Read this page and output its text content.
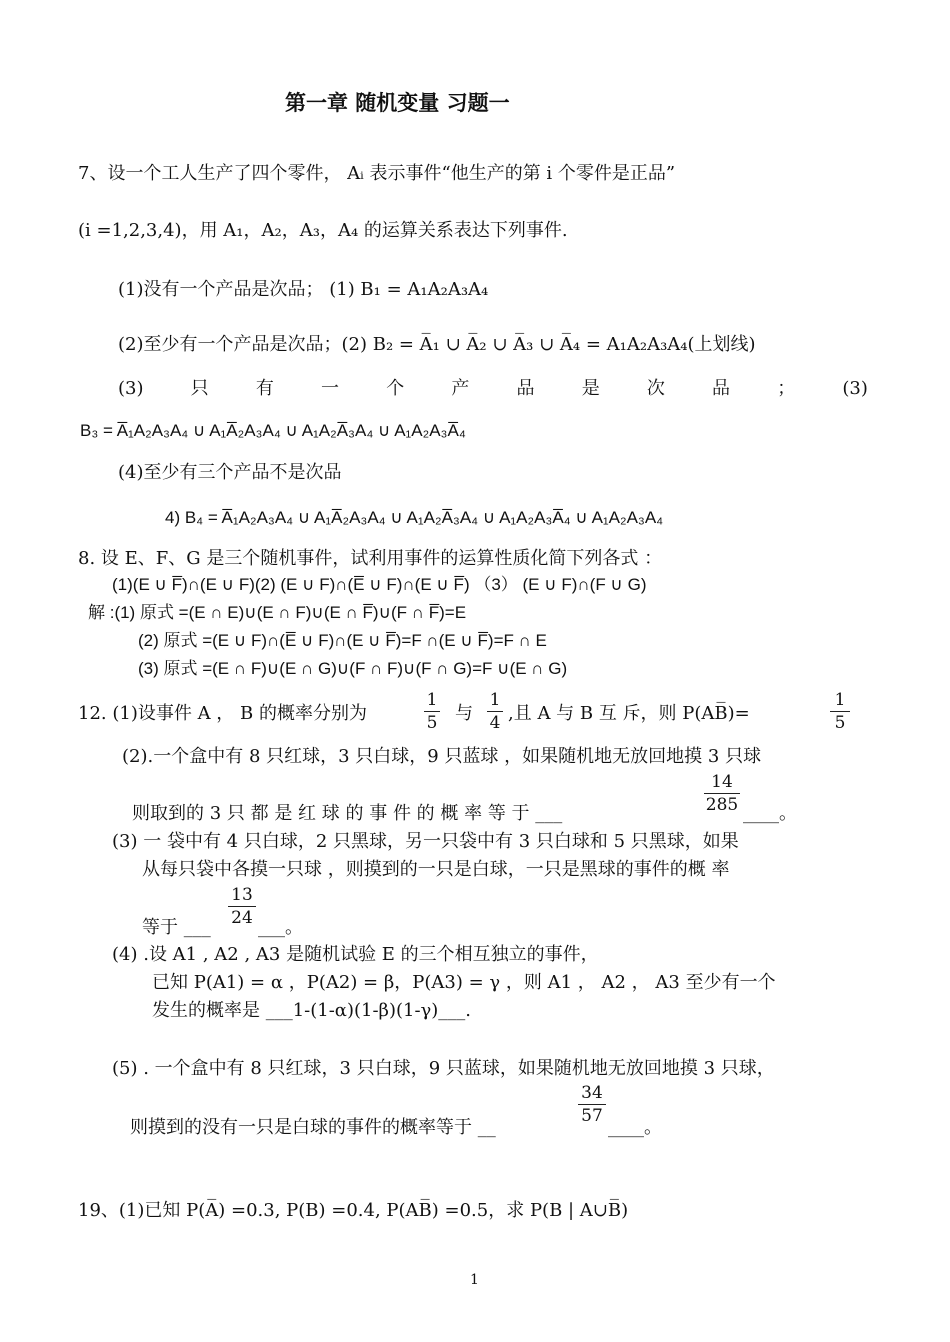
第一章 随机变量 习题一
7、设一个工人生产了四个零件， Aᵢ 表示事件“他生产的第 i 个零件是正品”
(i =1,2,3,4)，用 A₁，A₂，A₃，A₄ 的运算关系表达下列事件.
(1)没有一个产品是次品； (1) B₁ = A₁A₂A₃A₄
(2)至少有一个产品是次品；(2) B₂ = A̅₁ ∪ A̅₂ ∪ A̅₃ ∪ A̅₄ = A₁A₂A₃A₄(上划线)
(3)	只	有	一	个	产	品	是	次	品	；	(3)
B₃ = A̅₁A₂A₃A₄ ∪ A₁A̅₂A₃A₄ ∪ A₁A₂A̅₃A₄ ∪ A₁A₂A₃A̅₄
(4)至少有三个产品不是次品
4) B₄ = A̅₁A₂A₃A₄ ∪ A₁A̅₂A₃A₄ ∪ A₁A₂A̅₃A₄ ∪ A₁A₂A₃A̅₄ ∪ A₁A₂A₃A₄
8. 设 E、F、G 是三个随机事件，试利用事件的运算性质化简下列各式 ：
(1)(E ∪ F̅)∩(E ∪ F)(2) (E ∪ F)∩(E̅ ∪ F)∩(E ∪ F̅) （3） (E ∪ F)∩(F ∪ G)
解 :(1) 原式 =(E ∩ E)∪(E ∩ F)∪(E ∩ F̅)∪(F ∩ F̅)=E
(2) 原式 =(E ∪ F)∩(E̅ ∪ F)∩(E ∪ F̅)=F ∩(E ∪ F̅)=F ∩ E
(3) 原式 =(E ∩ F)∪(E ∩ G)∪(F ∩ F)∪(F ∩ G)=F ∪(E ∩ G)
12. (1)设事件 A ， B 的概率分别为
1
5 与
1
4 ,且 A 与 B 互 斥，则 P(AB̅)=
1
5
(2).一个盒中有 8 只红球，3 只白球，9 只蓝球 ，如果随机地无放回地摸 3 只球
14
285
则取到的 3 只 都 是 红 球 的 事 件 的 概 率 等 于 ___	____。
(3) 一 袋中有 4 只白球，2 只黑球，另一只袋中有 3 只白球和 5 只黑球，如果
从每只袋中各摸一只球 ，则摸到的一只是白球，一只是黑球的事件的概 率
13
24
等于 ___	___。
(4) .设 A1 , A2 , A3 是随机试验 E 的三个相互独立的事件，
已知 P(A1) = α ，P(A2) = β，P(A3) = γ ，则 A1 ， A2 ， A3 至少有一个
发生的概率是 ___1-(1-α)(1-β)(1-γ)___.
(5) . 一个盒中有 8 只红球，3 只白球，9 只蓝球，如果随机地无放回地摸 3 只球，
34
57
则摸到的没有一只是白球的事件的概率等于 __	____。
19、(1)已知 P(A̅) =0.3, P(B) =0.4, P(AB̅) =0.5，求 P(B | A∪B̅)
1
